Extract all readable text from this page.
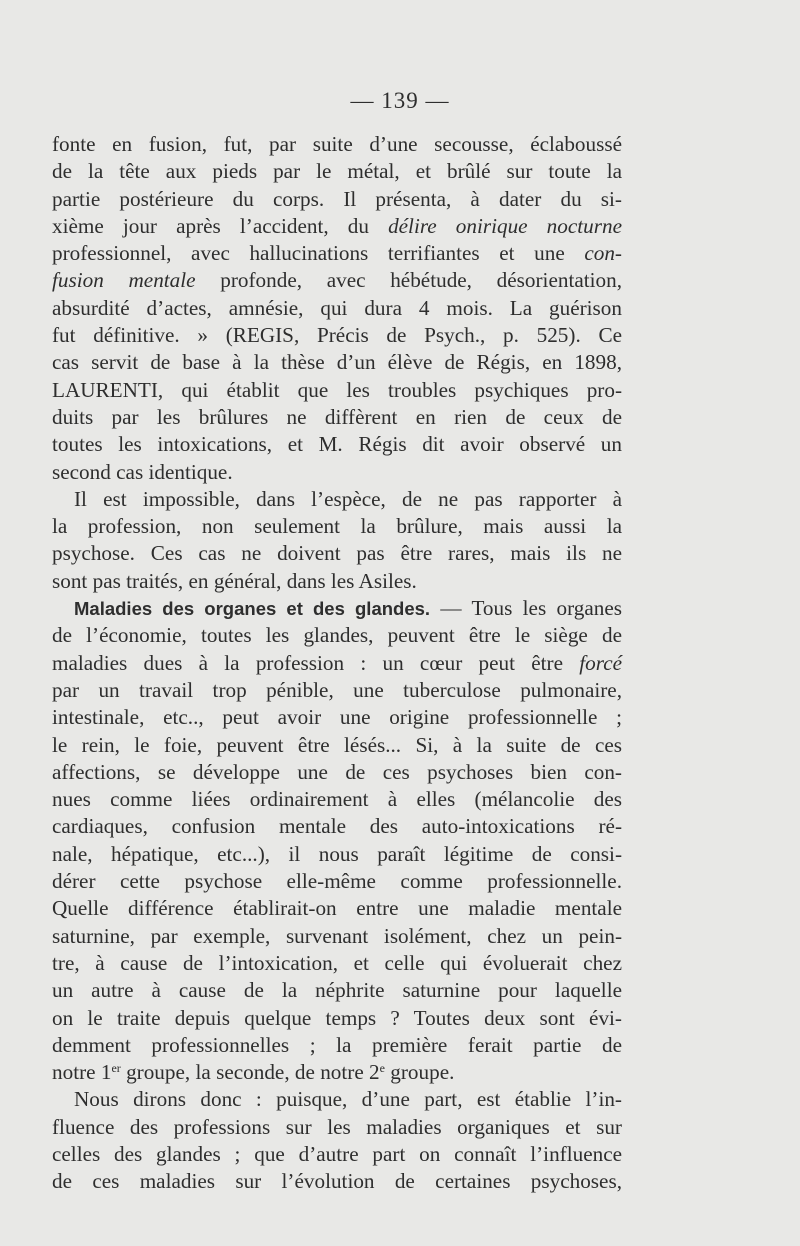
— 139 —
fonte en fusion, fut, par suite d’une secousse, éclaboussé
de la tête aux pieds par le métal, et brûlé sur toute la
partie postérieure du corps. Il présenta, à dater du si-
xième jour après l’accident, du délire onirique nocturne
professionnel, avec hallucinations terrifiantes et une con-
fusion mentale profonde, avec hébétude, désorientation,
absurdité d’actes, amnésie, qui dura 4 mois. La guérison
fut définitive. » (REGIS, Précis de Psych., p. 525). Ce
cas servit de base à la thèse d’un élève de Régis, en 1898,
LAURENTI, qui établit que les troubles psychiques pro-
duits par les brûlures ne diffèrent en rien de ceux de
toutes les intoxications, et M. Régis dit avoir observé un
second cas identique.
Il est impossible, dans l’espèce, de ne pas rapporter à
la profession, non seulement la brûlure, mais aussi la
psychose. Ces cas ne doivent pas être rares, mais ils ne
sont pas traités, en général, dans les Asiles.
Maladies des organes et des glandes. — Tous les organes
de l’économie, toutes les glandes, peuvent être le siège de
maladies dues à la profession : un cœur peut être forcé
par un travail trop pénible, une tuberculose pulmonaire,
intestinale, etc.., peut avoir une origine professionnelle ;
le rein, le foie, peuvent être lésés... Si, à la suite de ces
affections, se développe une de ces psychoses bien con-
nues comme liées ordinairement à elles (mélancolie des
cardiaques, confusion mentale des auto-intoxications ré-
nale, hépatique, etc...), il nous paraît légitime de consi-
dérer cette psychose elle-même comme professionnelle.
Quelle différence établirait-on entre une maladie mentale
saturnine, par exemple, survenant isolément, chez un pein-
tre, à cause de l’intoxication, et celle qui évoluerait chez
un autre à cause de la néphrite saturnine pour laquelle
on le traite depuis quelque temps ? Toutes deux sont évi-
demment professionnelles ; la première ferait partie de
notre 1er groupe, la seconde, de notre 2e groupe.
Nous dirons donc : puisque, d’une part, est établie l’in-
fluence des professions sur les maladies organiques et sur
celles des glandes ; que d’autre part on connaît l’influence
de ces maladies sur l’évolution de certaines psychoses,
